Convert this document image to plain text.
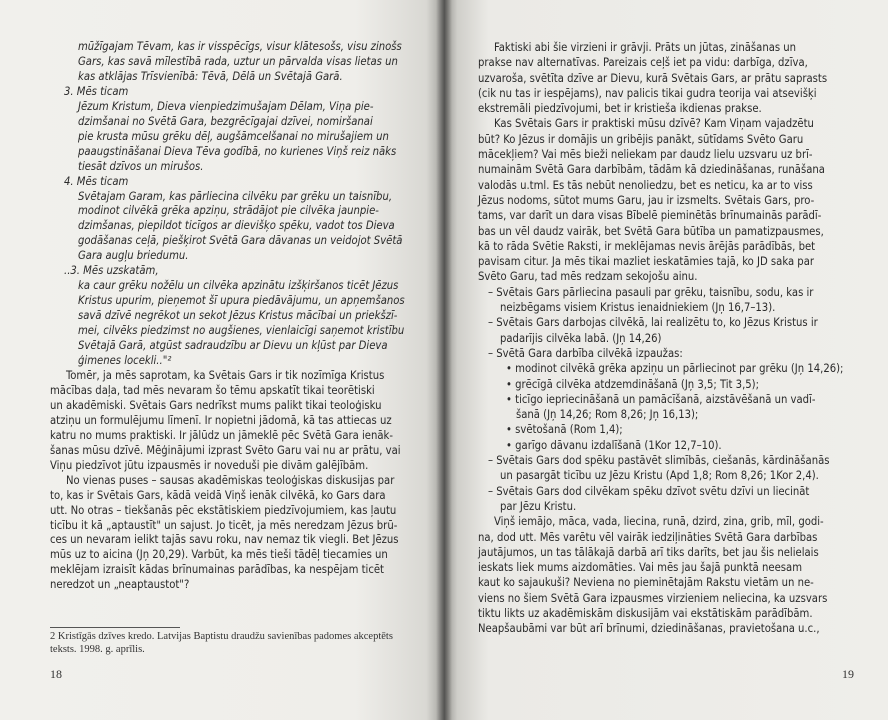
mūžīgajam Tēvam, kas ir visspēcīgs, visur klātesošs, visu zinošs
Gars, kas savā mīlestībā rada, uztur un pārvalda visas lietas un
kas atklājas Trīsvienībā: Tēvā, Dēlā un Svētajā Garā.
3. Mēs ticam
Jēzum Kristum, Dieva vienpiedzimušajam Dēlam, Viņa pie-
dzimšanai no Svētā Gara, bezgrēcīgajai dzīvei, nomiršanai
pie krusta mūsu grēku dēļ, augšāmcelšanai no mirušajiem un
paaugstināšanai Dieva Tēva godībā, no kurienes Viņš reiz nāks
tiesāt dzīvos un mirušos.
4. Mēs ticam
Svētajam Garam, kas pārliecina cilvēku par grēku un taisnību,
modinot cilvēkā grēka apziņu, strādājot pie cilvēka jaunpie-
dzimšanas, piepildot ticīgos ar dievišķo spēku, vadot tos Dieva
godāšanas ceļā, piešķirot Svētā Gara dāvanas un veidojot Svētā
Gara augļu briedumu.
..3. Mēs uzskatām,
ka caur grēku nožēlu un cilvēka apzinātu izšķiršanos ticēt Jēzus
Kristus upurim, pieņemot šī upura piedāvājumu, un apņemšanos
savā dzīvē negrēkot un sekot Jēzus Kristus mācībai un priekšzī-
mei, cilvēks piedzimst no augšienes, vienlaicīgi saņemot kristību
Svētajā Garā, atgūst sadraudzību ar Dievu un kļūst par Dieva
ģimenes locekli.."²
Tomēr, ja mēs saprotam, ka Svētais Gars ir tik nozīmīga Kristus
mācības daļa, tad mēs nevaram šo tēmu apskatīt tikai teorētiski
un akadēmiski. Svētais Gars nedrīkst mums palikt tikai teoloģisku
atziņu un formulējumu līmenī. Ir nopietni jādomā, kā tas attiecas uz
katru no mums praktiski. Ir jālūdz un jāmeklē pēc Svētā Gara ienāk-
šanas mūsu dzīvē. Mēģinājumi izprast Svēto Garu vai nu ar prātu, vai
Viņu piedzīvot jūtu izpausmēs ir noveduši pie divām galējībām.
No vienas puses – sausas akadēmiskas teoloģiskas diskusijas par
to, kas ir Svētais Gars, kādā veidā Viņš ienāk cilvēkā, ko Gars dara
utt. No otras – tiekšanās pēc ekstātiskiem piedzīvojumiem, kas ļautu
ticību it kā „aptaustīt" un sajust. Jo ticēt, ja mēs neredzam Jēzus brū-
ces un nevaram ielikt tajās savu roku, nav nemaz tik viegli. Bet Jēzus
mūs uz to aicina (Jņ 20,29). Varbūt, ka mēs tieši tādēļ tiecamies un
meklējam izraisīt kādas brīnumainas parādības, ka nespējam ticēt
neredzot un „neaptaustot"?
2 Kristīgās dzīves kredo. Latvijas Baptistu draudžu savienības padomes akceptēts
teksts. 1998. g. aprīlis.
18	19
Faktiski abi šie virzieni ir grāvji. Prāts un jūtas, zināšanas un
prakse nav alternatīvas. Pareizais ceļš iet pa vidu: darbīga, dzīva,
uzvaroša, svētīta dzīve ar Dievu, kurā Svētais Gars, ar prātu saprasts
(cik nu tas ir iespējams), nav palicis tikai gudra teorija vai atsevišķi
ekstremāli piedzīvojumi, bet ir kristieša ikdienas prakse.
Kas Svētais Gars ir praktiski mūsu dzīvē? Kam Viņam vajadzētu
būt? Ko Jēzus ir domājis un gribējis panākt, sūtīdams Svēto Garu
mācekļiem? Vai mēs bieži neliekam par daudz lielu uzsvaru uz brī-
numainām Svētā Gara darbībām, tādām kā dziedināšanas, runāšana
valodās u.tml. Es tās nebūt nenoliedzu, bet es neticu, ka ar to viss
Jēzus nodoms, sūtot mums Garu, jau ir izsmelts. Svētais Gars, pro-
tams, var darīt un dara visas Bībelē pieminētās brīnumainās parādī-
bas un vēl daudz vairāk, bet Svētā Gara būtība un pamatizpausmes,
kā to rāda Svētie Raksti, ir meklējamas nevis ārējās parādībās, bet
pavisam citur. Ja mēs tikai mazliet ieskatāmies tajā, ko JD saka par
Svēto Garu, tad mēs redzam sekojošu ainu.
– Svētais Gars pārliecina pasauli par grēku, taisnību, sodu, kas ir
neizbēgams visiem Kristus ienaidniekiem (Jņ 16,7–13).
– Svētais Gars darbojas cilvēkā, lai realizētu to, ko Jēzus Kristus ir
padarījis cilvēka labā. (Jņ 14,26)
– Svētā Gara darbība cilvēkā izpaužas:
• modinot cilvēkā grēka apziņu un pārliecinot par grēku (Jņ 14,26);
• grēcīgā cilvēka atdzemdināšanā (Jņ 3,5; Tit 3,5);
• ticīgo iepriecināšanā un pamācīšanā, aizstāvēšanā un vadī-
šanā (Jņ 14,26; Rom 8,26; Jņ 16,13);
• svētošanā (Rom 1,4);
• garīgo dāvanu izdalīšanā (1Kor 12,7–10).
– Svētais Gars dod spēku pastāvēt slimībās, ciešanās, kārdināšanās
un pasargāt ticību uz Jēzu Kristu (Apd 1,8; Rom 8,26; 1Kor 2,4).
– Svētais Gars dod cilvēkam spēku dzīvot svētu dzīvi un liecināt
par Jēzu Kristu.
Viņš iemājo, māca, vada, liecina, runā, dzird, zina, grib, mīl, godi-
na, dod utt. Mēs varētu vēl vairāk iedziļināties Svētā Gara darbības
jautājumos, un tas tālākajā darbā arī tiks darīts, bet jau šis nelielais
ieskats liek mums aizdomāties. Vai mēs jau šajā punktā neesam
kaut ko sajaukuši? Neviena no pieminētajām Rakstu vietām un ne-
viens no šiem Svētā Gara izpausmes virzieniem neliecina, ka uzsvars
tiktu likts uz akadēmiskām diskusijām vai ekstātiskām parādībām.
Neapšaubāmi var būt arī brīnumi, dziedināšanas, pravietošana u.c.,
